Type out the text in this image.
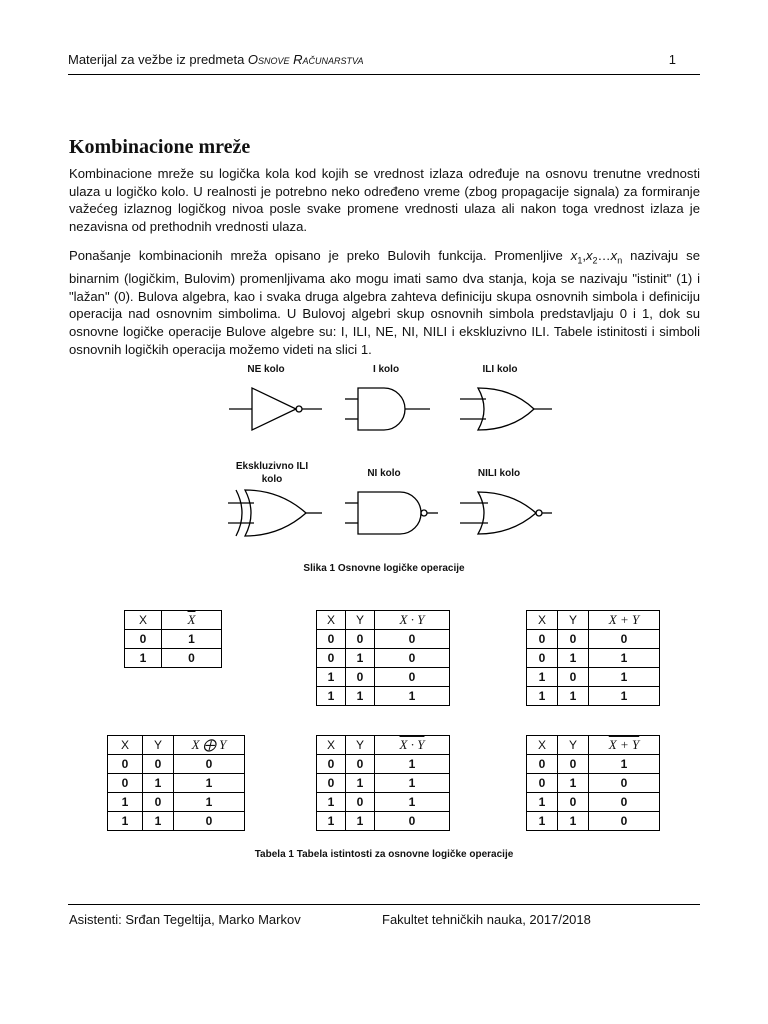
Materijal za vežbe iz predmeta Osnove Računarstva	1
Kombinacione mreže

Kombinacione mreže su logička kola kod kojih se vrednost izlaza određuje na osnovu trenutne vrednosti ulaza u logičko kolo. U realnosti je potrebno neko određeno vreme (zbog propagacije signala) za formiranje važećeg izlaznog logičkog nivoa posle svake promene vrednosti ulaza ali nakon toga vrednost izlaza je nezavisna od prethodnih vrednosti ulaza.

Ponašanje kombinacionih mreža opisano je preko Bulovih funkcija. Promenljive $x_1,x_2\dots x_n$ nazivaju se binarnim (logičkim, Bulovim) promenljivama ako mogu imati samo dva stanja, koja se nazivaju "istinit" (1) i "lažan" (0). Bulova algebra, kao i svaka druga algebra zahteva definiciju skupa osnovnih simbola i definiciju operacija nad osnovnim simbolima. U Bulovoj algebri skup osnovnih simbola predstavljaju 0 i 1, dok su osnovne logičke operacije Bulove algebre su: I, ILI, NE, NI, NILI i ekskluzivno ILI. Tabele istinitosti i simboli osnovnih logičkih operacija možemo videti na slici 1.

NE kolo	I kolo	ILI kolo
Ekskluzivno ILI
kolo
NI kolo	NILI kolo
Slika 1 Osnovne logičke operacije
X	$\overline{X}$
0	1
1	0
X	Y	X · Y
0	0	0
0	1	0
1	0	0
1	1	1
X	Y	X + Y
0	0	0
0	1	1
1	0	1
1	1	1
X	Y	X ⨁ Y
0	0	0
0	1	1
1	0	1
1	1	0
X	Y	X · Y
0	0	1
0	1	1
1	0	1
1	1	0
X	Y	X + Y
0	0	1
0	1	0
1	0	0
1	1	0
Tabela 1 Tabela istintosti za osnovne logičke operacije
Asistenti: Srđan Tegeltija, Marko Markov	Fakultet tehničkih nauka, 2017/2018
